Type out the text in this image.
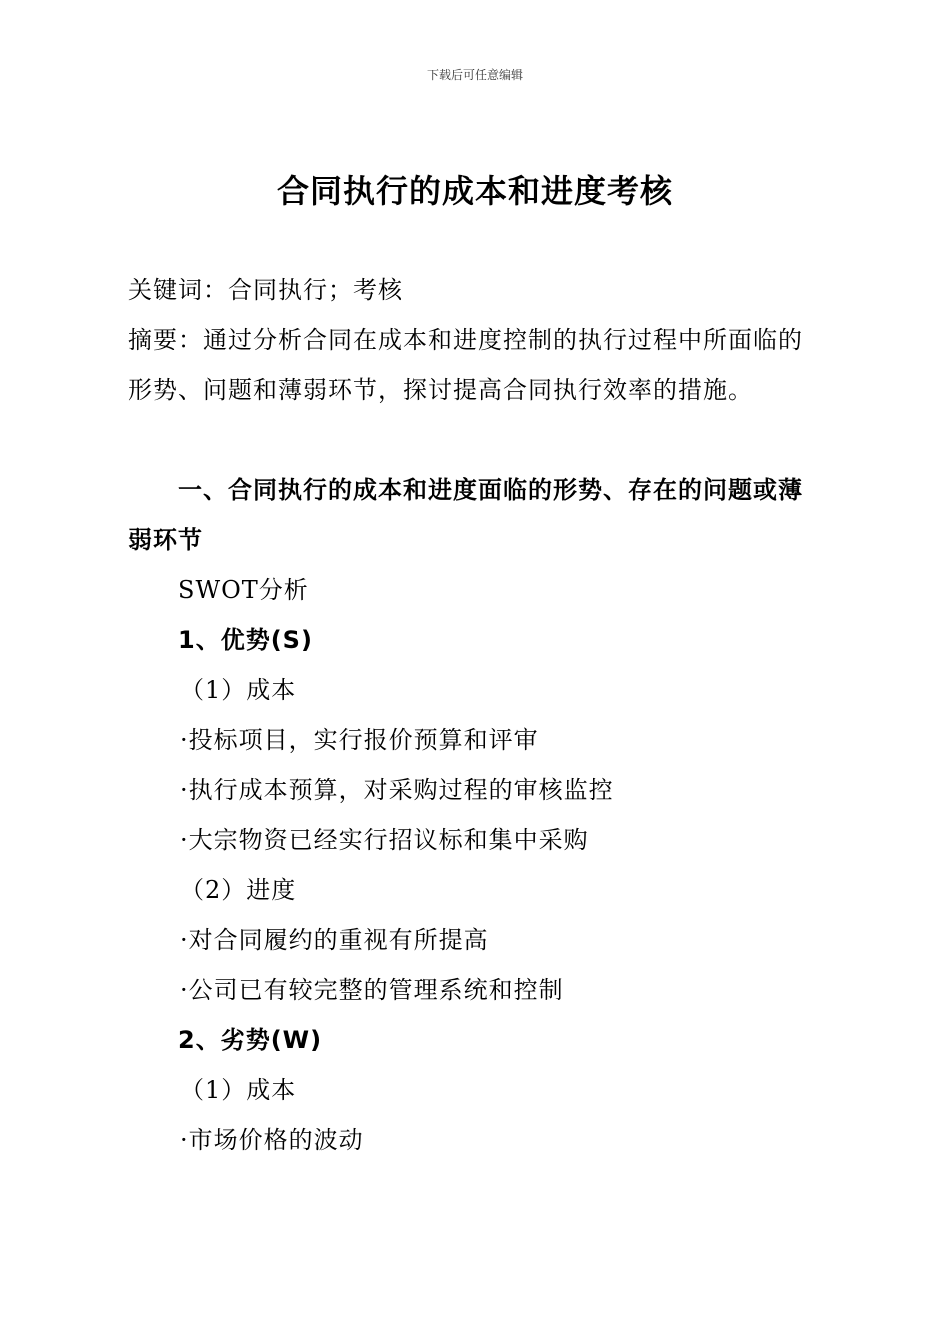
下载后可任意编辑
合同执行的成本和进度考核
关键词：合同执行；考核
摘要：通过分析合同在成本和进度控制的执行过程中所面临的
形势、问题和薄弱环节，探讨提高合同执行效率的措施。
一、合同执行的成本和进度面临的形势、存在的问题或薄
弱环节
SWOT分析
1、优势(S)
（1）成本
·投标项目，实行报价预算和评审
·执行成本预算，对采购过程的审核监控
·大宗物资已经实行招议标和集中采购
（2）进度
·对合同履约的重视有所提高
·公司已有较完整的管理系统和控制
2、劣势(W)
（1）成本
·市场价格的波动
